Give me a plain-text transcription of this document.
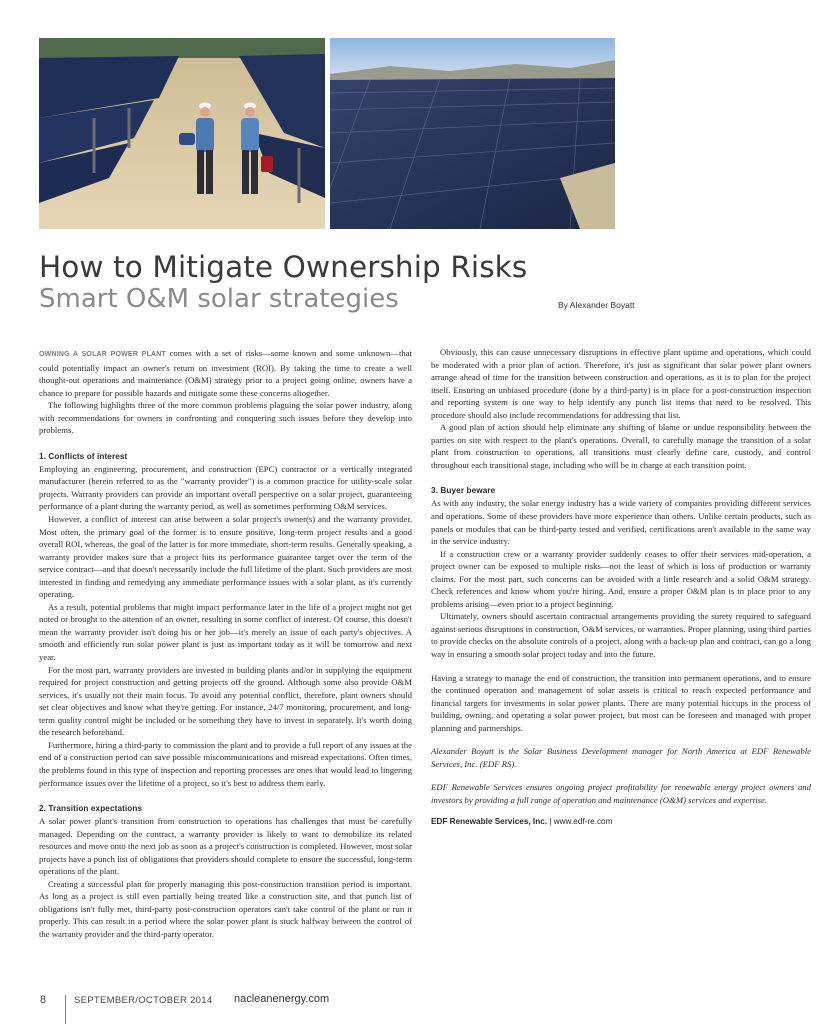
How to Mitigate Ownership Risks
Smart O&M solar strategies	By Alexander Boyatt

OWNING A SOLAR POWER PLANT comes with a set of risks—some known and some unknown—that could potentially impact an owner's return on investment (ROI). By taking the time to create a well thought-out operations and maintenance (O&M) strategy prior to a project going online, owners have a chance to prepare for possible hazards and mitigate some these concerns altogether.

The following highlights three of the more common problems plaguing the solar power industry, along with recommendations for owners in confronting and conquering such issues before they develop into problems.

1. Conflicts of interest

Employing an engineering, procurement, and construction (EPC) contractor or a vertically integrated manufacturer (herein referred to as the "warranty provider") is a common practice for utility-scale solar projects. Warranty providers can provide an important overall perspective on a solar project, guaranteeing performance of a plant during the warranty period, as well as sometimes performing O&M services.

However, a conflict of interest can arise between a solar project's owner(s) and the warranty provider. Most often, the primary goal of the former is to ensure positive, long-term project results and a good overall ROI, whereas, the goal of the latter is for more immediate, short-term results. Generally speaking, a warranty provider makes sure that a project hits its performance guarantee target over the term of the service contract—and that doesn't necessarily include the full lifetime of the plant. Such providers are most interested in finding and remedying any immediate performance issues with a solar plant, as it's currently operating.

As a result, potential problems that might impact performance later in the life of a project might not get noted or brought to the attention of an owner, resulting in some conflict of interest. Of course, this doesn't mean the warranty provider isn't doing his or her job—it's merely an issue of each party's objectives. A smooth and efficiently run solar power plant is just as important today as it will be tomorrow and next year.

For the most part, warranty providers are invested in building plants and/or in supplying the equipment required for project construction and getting projects off the ground. Although some also provide O&M services, it's usually not their main focus. To avoid any potential conflict, therefore, plant owners should set clear objectives and know what they're getting. For instance, 24/7 monitoring, procurement, and long-term quality control might be included or be something they have to invest in separately. It's worth doing the research beforehand.

Furthermore, hiring a third-party to commission the plant and to provide a full report of any issues at the end of a construction period can save possible miscommunications and misread expectations. Often times, the problems found in this type of inspection and reporting processes are ones that would lead to lingering performance issues over the lifetime of a project, so it's best to address them early.

2. Transition expectations

A solar power plant's transition from construction to operations has challenges that must be carefully managed. Depending on the contract, a warranty provider is likely to want to demobilize its related resources and move onto the next job as soon as a project's construction is completed. However, most solar projects have a punch list of obligations that providers should complete to ensure the successful, long-term operations of the plant.

Creating a successful plan for properly managing this post-construction transition period is important. As long as a project is still even partially being treated like a construction site, and that punch list of obligations isn't fully met, third-party post-construction operators can't take control of the plant or run it properly. This can result in a period where the solar power plant is stuck halfway between the control of the warranty provider and the third-party operator.

Obviously, this can cause unnecessary disruptions in effective plant uptime and operations, which could be moderated with a prior plan of action. Therefore, it's just as significant that solar power plant owners arrange ahead of time for the transition between construction and operations, as it is to plan for the project itself. Ensuring an unbiased procedure (done by a third-party) is in place for a post-construction inspection and reporting system is one way to help identify any punch list items that need to be resolved. This procedure should also include recommendations for addressing that list.

A good plan of action should help eliminate any shifting of blame or undue responsibility between the parties on site with respect to the plant's operations. Overall, to carefully manage the transition of a solar plant from construction to operations, all transitions must clearly define care, custody, and control throughout each transitional stage, including who will be in charge at each transition point.

3. Buyer beware

As with any industry, the solar energy industry has a wide variety of companies providing different services and operations. Some of these providers have more experience than others. Unlike certain products, such as panels or modules that can be third-party tested and verified, certifications aren't available in the same way in the service industry.

If a construction crew or a warranty provider suddenly ceases to offer their services mid-operation, a project owner can be exposed to multiple risks—not the least of which is loss of production or warranty claims. For the most part, such concerns can be avoided with a little research and a solid O&M strategy. Check references and know whom you're hiring. And, ensure a proper O&M plan is in place prior to any problems arising—even prior to a project beginning.

Ultimately, owners should ascertain contractual arrangements providing the surety required to safeguard against serious disruptions in construction, O&M services, or warranties. Proper planning, using third parties to provide checks on the absolute controls of a project, along with a back-up plan and contract, can go a long way in ensuring a smooth solar project today and into the future.

Having a strategy to manage the end of construction, the transition into permanent operations, and to ensure the continued operation and management of solar assets is critical to reach expected performance and financial targets for investments in solar power plants. There are many potential hiccups in the process of building, owning, and operating a solar power project, but most can be foreseen and managed with proper planning and partnerships.

Alexander Boyatt is the Solar Business Development manager for North America at EDF Renewable Services, Inc. (EDF RS).

EDF Renewable Services ensures ongoing project profitability for renewable energy project owners and investors by providing a full range of operation and maintenance (O&M) services and expertise.

EDF Renewable Services, Inc. | www.edf-re.com

8	SEPTEMBER/OCTOBER 2014 nacleanenergy.com
